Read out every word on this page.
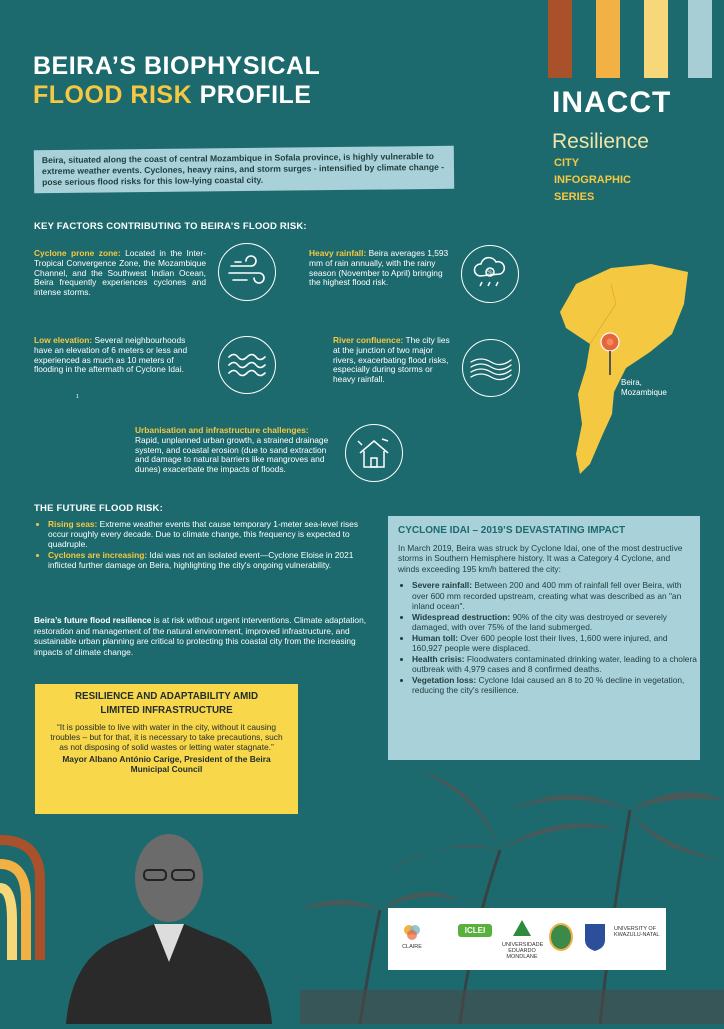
BEIRA’S BIOPHYSICAL
FLOOD RISK PROFILE	INACCT
Resilience
CITY
INFOGRAPHIC
SERIES
Beira, situated along the coast of central Mozambique in Sofala province, is highly vulnerable to extreme weather events. Cyclones, heavy rains, and storm surges - intensified by climate change - pose serious flood risks for this low-lying coastal city.
KEY FACTORS CONTRIBUTING TO BEIRA’S FLOOD RISK:
Cyclone prone zone: Located in the Inter-Tropical Convergence Zone, the Mozambique Channel, and the Southwest Indian Ocean, Beira frequently experiences cyclones and intense storms.
Heavy rainfall: Beira averages 1,593 mm of rain annually, with the rainy season (November to April) bringing the highest flood risk.
%
Low elevation: Several neighbourhoods have an elevation of 6 meters or less and experienced as much as 10 meters of flooding in the aftermath of Cyclone Idai.
1
River confluence: The city lies at the junction of two major rivers, exacerbating flood risks, especially during storms or heavy rainfall.
Urbanisation and infrastructure challenges:
Rapid, unplanned urban growth, a strained drainage system, and coastal erosion (due to sand extraction and damage to natural barriers like mangroves and dunes) exacerbate the impacts of floods.
Beira,
Mozambique
THE FUTURE FLOOD RISK:
• Rising seas: Extreme weather events that cause temporary 1-meter sea-level rises occur roughly every decade. Due to climate change, this frequency is expected to quadruple.
• Cyclones are increasing: Idai was not an isolated event—Cyclone Eloise in 2021 inflicted further damage on Beira, highlighting the city's ongoing vulnerability.
Beira’s future flood resilience is at risk without urgent interventions. Climate adaptation, restoration and management of the natural environment, improved infrastructure, and sustainable urban planning are critical to protecting this coastal city from the increasing impacts of climate change.
CYCLONE IDAI – 2019’S DEVASTATING IMPACT
In March 2019, Beira was struck by Cyclone Idai, one of the most destructive storms in Southern Hemisphere history. It was a Category 4 Cyclone, and winds exceeding 195 km/h battered the city:
• Severe rainfall: Between 200 and 400 mm of rainfall fell over Beira, with over 600 mm recorded upstream, creating what was described as an "an inland ocean".
• Widespread destruction: 90% of the city was destroyed or severely damaged, with over 75% of the land submerged.
• Human toll: Over 600 people lost their lives, 1,600 were injured, and 160,927 people were displaced.
• Health crisis: Floodwaters contaminated drinking water, leading to a cholera outbreak with 4,979 cases and 8 confirmed deaths.
• Vegetation loss: Cyclone Idai caused an 8 to 20 % decline in vegetation, reducing the city's resilience.
RESILIENCE AND ADAPTABILITY AMID LIMITED INFRASTRUCTURE
“It is possible to live with water in the city, without it causing troubles – but for that, it is necessary to take precautions, such as not disposing of solid wastes or letting water stagnate.”
Mayor Albano António Carige, President of the Beira Municipal Council
CLAIRE
ICLEI
UNIVERSIDADE EDUARDO MONDLANE
UNIVERSITY OF KWAZULU-NATAL
